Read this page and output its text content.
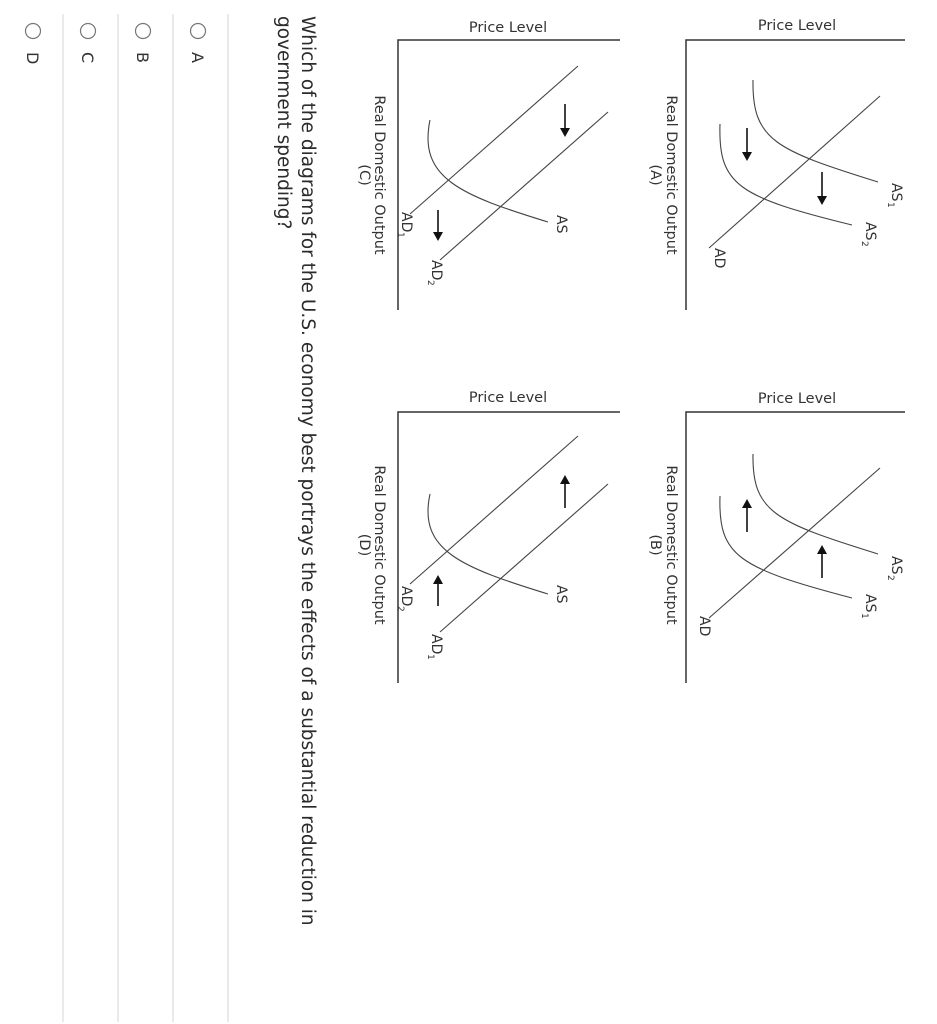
Price Level
AS
1
AS
2
AD
Real Domestic Output
(A)
Price Level
AS
2
AS
1
AD
Real Domestic Output
(B)
Price Level
AS
AD
1
AD
2
Real Domestic Output
(C)
Price Level
AS
AD
2
AD
1
Real Domestic Output
(D)
Which of the diagrams for the U.S. economy best portrays the effects of a substantial reduction in
government spending?
A
B
C
D
